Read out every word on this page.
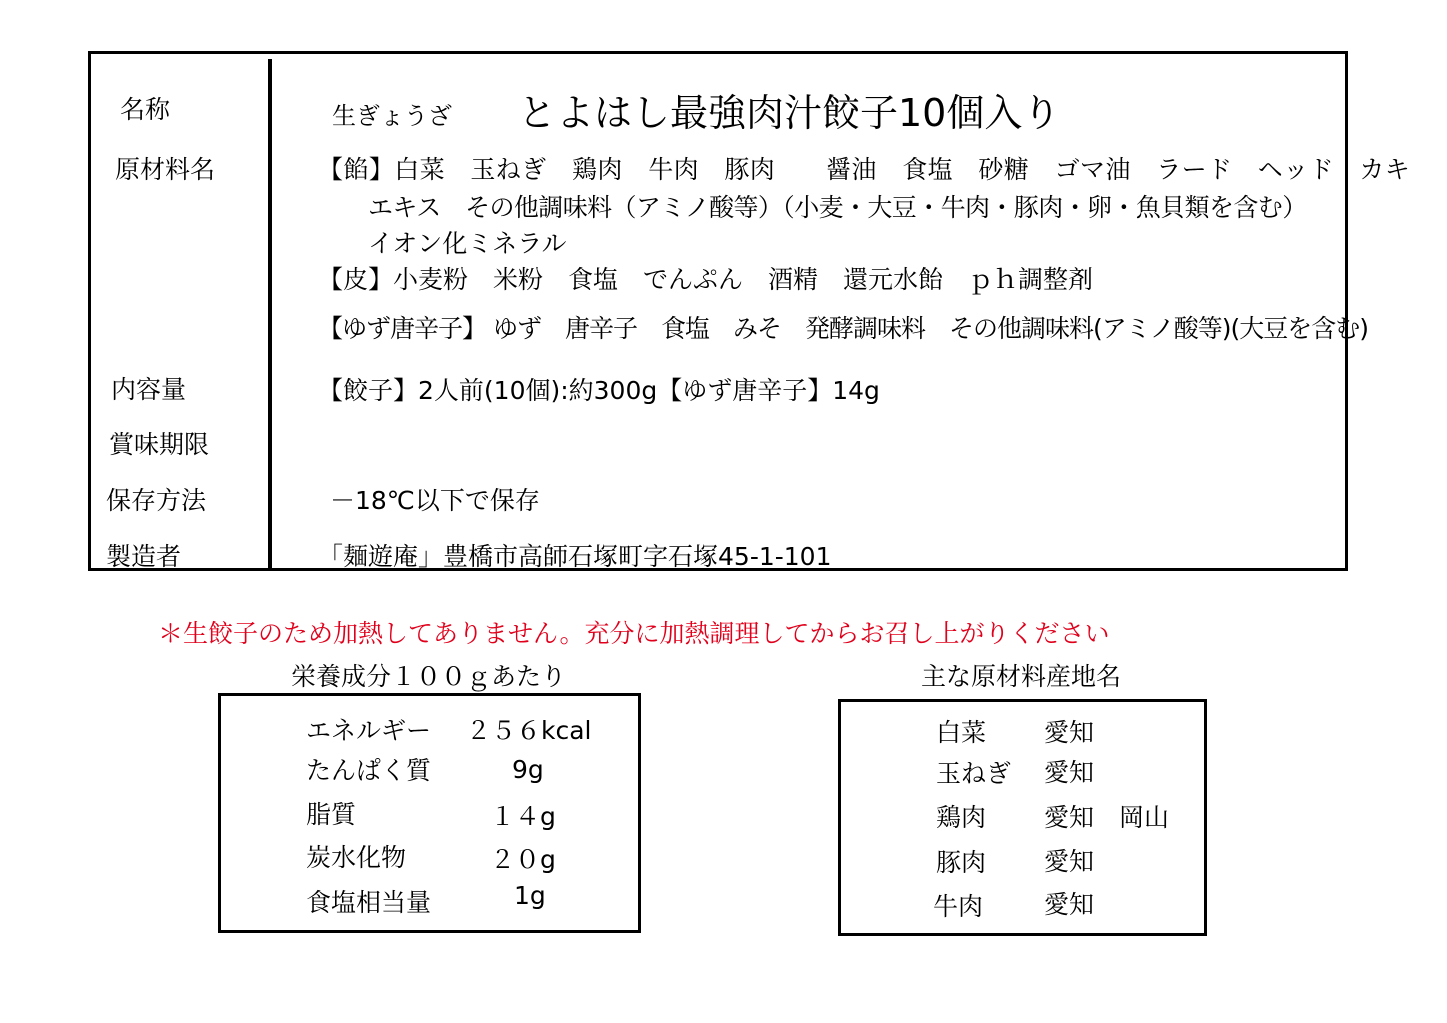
名称	生ぎょうざ とよはし最強肉汁餃子10個入り
原材料名	【餡】白菜　玉ねぎ　鶏肉　牛肉　豚肉　　醤油　食塩　砂糖　ゴマ油　ラード　ヘッド　カキ
エキス　その他調味料（アミノ酸等）（小麦・大豆・牛肉・豚肉・卵・魚貝類を含む）
イオン化ミネラル
【皮】小麦粉　米粉　食塩　でんぷん　酒精　還元水飴　ｐｈ調整剤
【ゆず唐辛子】 ゆず　唐辛子　食塩　みそ　発酵調味料　その他調味料(アミノ酸等)(大豆を含む)
内容量	【餃子】2人前(10個):約300g【ゆず唐辛子】14g
賞味期限
保存方法	－18℃以下で保存
製造者	「麺遊庵」豊橋市高師石塚町字石塚45-1-101
＊生餃子のため加熱してありません。充分に加熱調理してからお召し上がりください
栄養成分１００ｇあたり
エネルギー ２５６kcal
たんぱく質	9g
脂質	１４g
炭水化物	２０g
食塩相当量	1g
主な原材料産地名
白菜 愛知
玉ねぎ 愛知
鶏肉 愛知　岡山
豚肉 愛知
牛肉 愛知
